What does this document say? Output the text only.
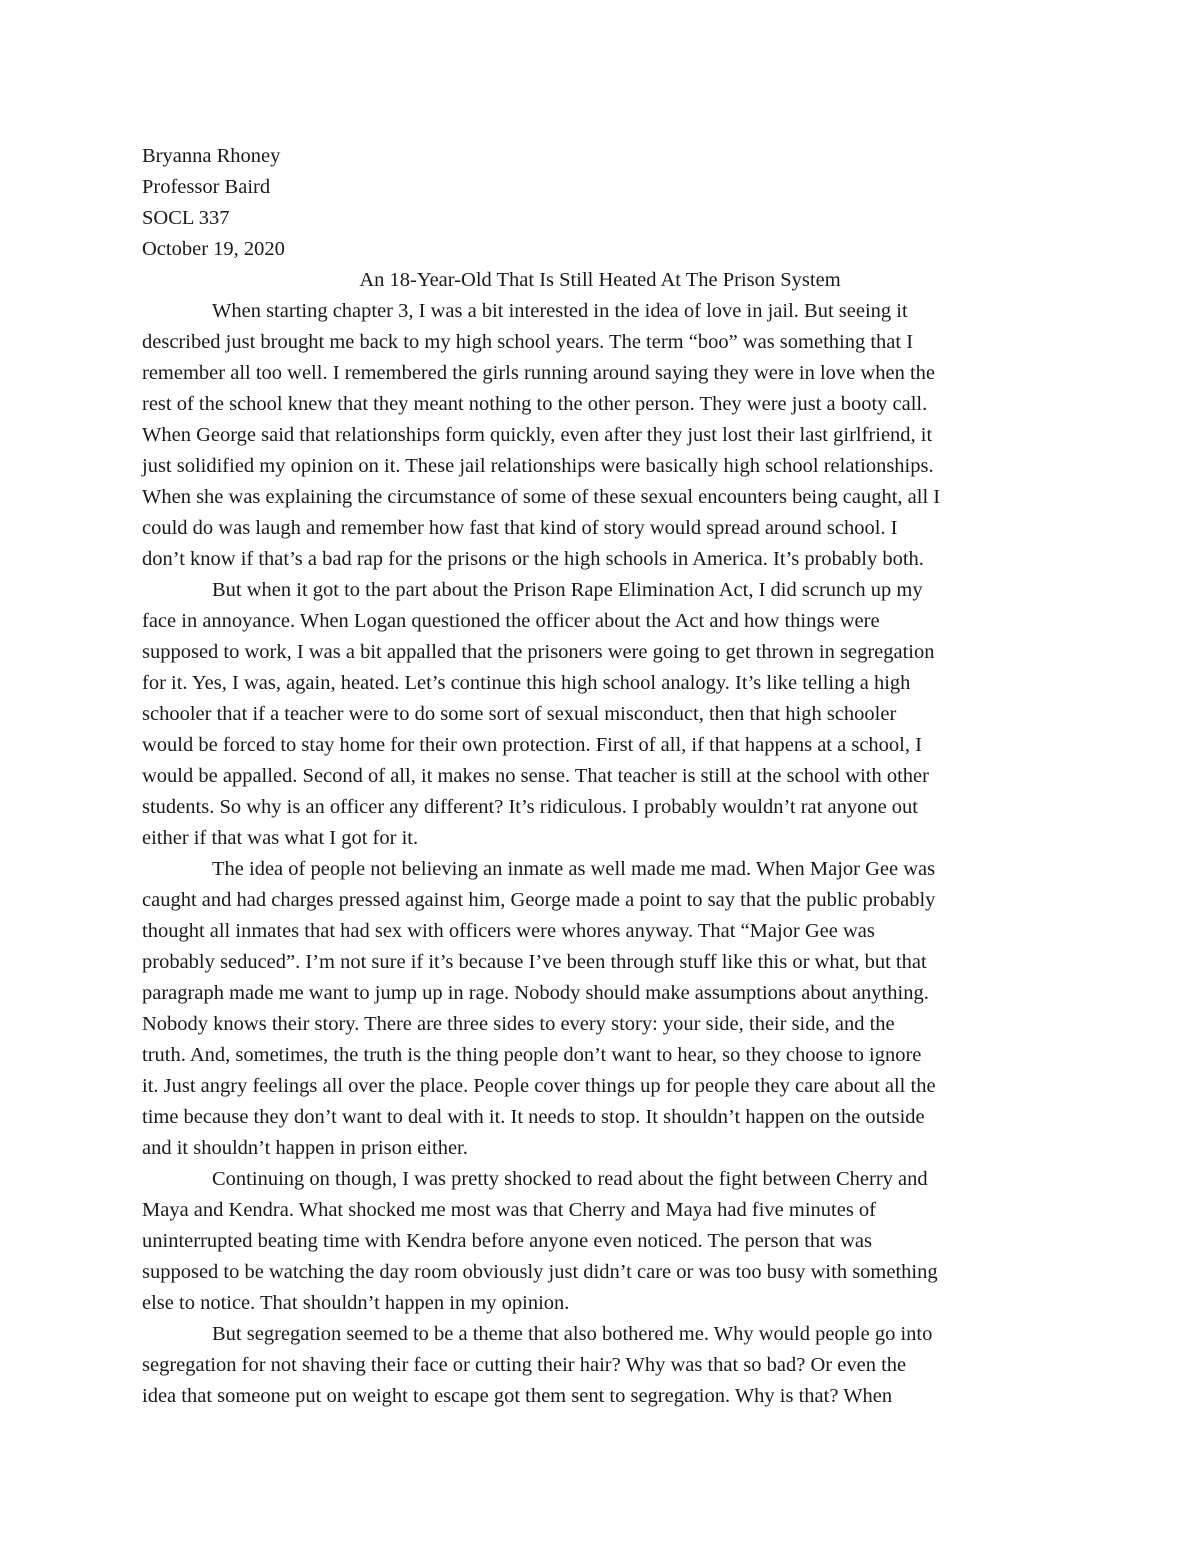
Bryanna Rhoney
Professor Baird
SOCL 337
October 19, 2020
An 18-Year-Old That Is Still Heated At The Prison System
When starting chapter 3, I was a bit interested in the idea of love in jail. But seeing it
described just brought me back to my high school years. The term “boo” was something that I
remember all too well. I remembered the girls running around saying they were in love when the
rest of the school knew that they meant nothing to the other person. They were just a booty call.
When George said that relationships form quickly, even after they just lost their last girlfriend, it
just solidified my opinion on it. These jail relationships were basically high school relationships.
When she was explaining the circumstance of some of these sexual encounters being caught, all I
could do was laugh and remember how fast that kind of story would spread around school. I
don’t know if that’s a bad rap for the prisons or the high schools in America. It’s probably both.
But when it got to the part about the Prison Rape Elimination Act, I did scrunch up my
face in annoyance. When Logan questioned the officer about the Act and how things were
supposed to work, I was a bit appalled that the prisoners were going to get thrown in segregation
for it. Yes, I was, again, heated. Let’s continue this high school analogy. It’s like telling a high
schooler that if a teacher were to do some sort of sexual misconduct, then that high schooler
would be forced to stay home for their own protection. First of all, if that happens at a school, I
would be appalled. Second of all, it makes no sense. That teacher is still at the school with other
students. So why is an officer any different? It’s ridiculous. I probably wouldn’t rat anyone out
either if that was what I got for it.
The idea of people not believing an inmate as well made me mad. When Major Gee was
caught and had charges pressed against him, George made a point to say that the public probably
thought all inmates that had sex with officers were whores anyway. That “Major Gee was
probably seduced”. I’m not sure if it’s because I’ve been through stuff like this or what, but that
paragraph made me want to jump up in rage. Nobody should make assumptions about anything.
Nobody knows their story. There are three sides to every story: your side, their side, and the
truth. And, sometimes, the truth is the thing people don’t want to hear, so they choose to ignore
it. Just angry feelings all over the place. People cover things up for people they care about all the
time because they don’t want to deal with it. It needs to stop. It shouldn’t happen on the outside
and it shouldn’t happen in prison either.
Continuing on though, I was pretty shocked to read about the fight between Cherry and
Maya and Kendra. What shocked me most was that Cherry and Maya had five minutes of
uninterrupted beating time with Kendra before anyone even noticed. The person that was
supposed to be watching the day room obviously just didn’t care or was too busy with something
else to notice. That shouldn’t happen in my opinion.
But segregation seemed to be a theme that also bothered me. Why would people go into
segregation for not shaving their face or cutting their hair? Why was that so bad? Or even the
idea that someone put on weight to escape got them sent to segregation. Why is that? When
